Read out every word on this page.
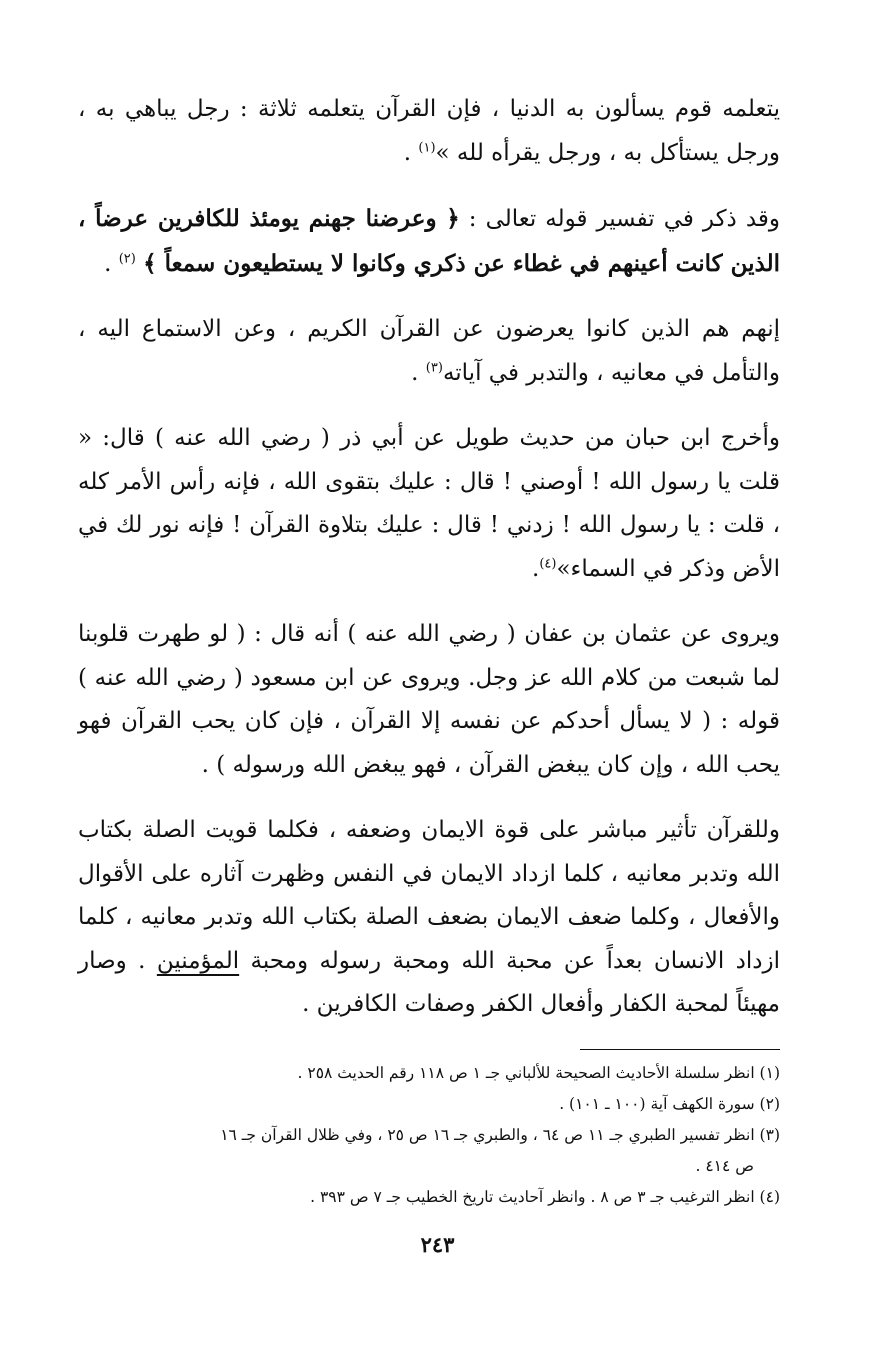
يتعلمه قوم يسألون به الدنيا ، فإن القرآن يتعلمه ثلاثة : رجل يباهي به ، ورجل يستأكل به ، ورجل يقرأه لله »$^{(١)}$ .

وقد ذكر في تفسير قوله تعالى : ﴿ وعرضنا جهنم يومئذ للكافرين عرضاً ، الذين كانت أعينهم في غطاء عن ذكري وكانوا لا يستطيعون سمعاً ﴾ $^{(٢)}$ .

إنهم هم الذين كانوا يعرضون عن القرآن الكريم ، وعن الاستماع اليه ، والتأمل في معانيه ، والتدبر في آياته$^{(٣)}$ .

وأخرج ابن حبان من حديث طويل عن أبي ذر ( رضي الله عنه ) قال: « قلت يا رسول الله ! أوصني ! قال : عليك بتقوى الله ، فإنه رأس الأمر كله ، قلت : يا رسول الله ! زدني ! قال : عليك بتلاوة القرآن ! فإنه نور لك في الأض وذكر في السماء»$^{(٤)}$.

ويروى عن عثمان بن عفان ( رضي الله عنه ) أنه قال : ( لو طهرت قلوبنا لما شبعت من كلام الله عز وجل. ويروى عن ابن مسعود ( رضي الله عنه ) قوله : ( لا يسأل أحدكم عن نفسه إلا القرآن ، فإن كان يحب القرآن فهو يحب الله ، وإن كان يبغض القرآن ، فهو يبغض الله ورسوله ) .

وللقرآن تأثير مباشر على قوة الايمان وضعفه ، فكلما قويت الصلة بكتاب الله وتدبر معانيه ، كلما ازداد الايمان في النفس وظهرت آثاره على الأقوال والأفعال ، وكلما ضعف الايمان بضعف الصلة بكتاب الله وتدبر معانيه ، كلما ازداد الانسان بعداً عن محبة الله ومحبة رسوله ومحبة المؤمنين . وصار مهيئاً لمحبة الكفار وأفعال الكفر وصفات الكافرين .

(١) انظر سلسلة الأحاديث الصحيحة للألباني جـ ١ ص ١١٨ رقم الحديث ٢٥٨ .

(٢) سورة الكهف آية (١٠٠ ـ ١٠١) .

(٣) انظر تفسير الطبري جـ ١١ ص ٦٤ ، والطبري جـ ١٦ ص ٢٥ ، وفي ظلال القرآن جـ ١٦

ص ٤١٤ .

(٤) انظر الترغيب جـ ٣ ص ٨ . وانظر آحاديث تاريخ الخطيب جـ ٧ ص ٣٩٣ .

٢٤٣
